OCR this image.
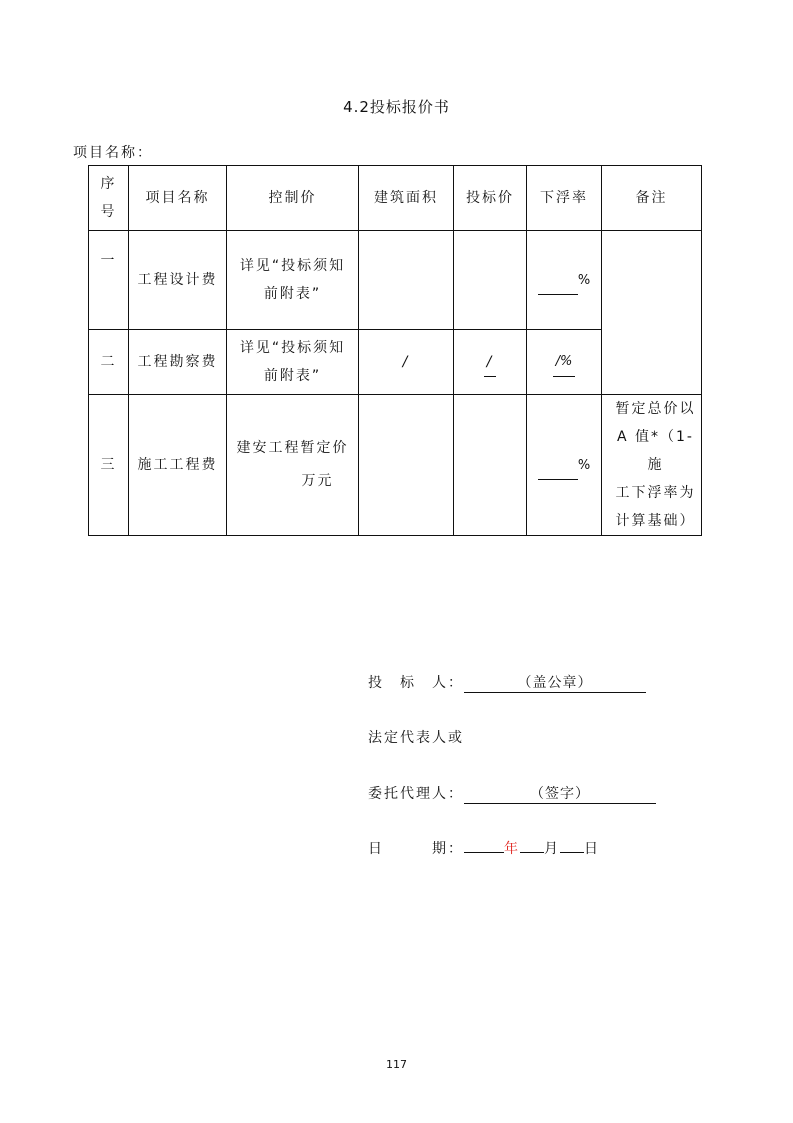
4.2投标报价书
项目名称：
序
号	项目名称	控制价	建筑面积	投标价	下浮率	备注
一	工程设计费	详见“投标须知
前附表”			%	
二	工程勘察费	详见“投标须知
前附表”	/	/	/%	
三	施工工程费	建安工程暂定价
万元			%	暂定总价以
A 值*（1-施
工下浮率为
计算基础）
投　标　人：	（盖公章）
法定代表人或
委托代理人：	（签字）
日　　　期：	年 月 日
117
